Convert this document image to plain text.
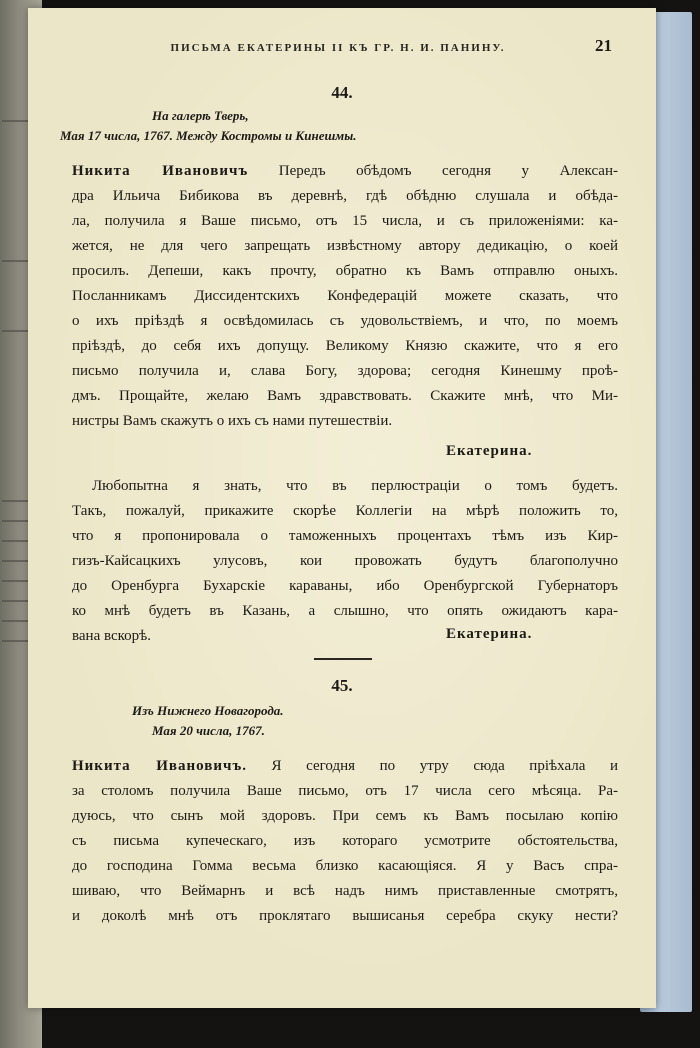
ПИСЬМА ЕКАТЕРИНЫ II КЪ ГР. Н. И. ПАНИНУ.	21
44.
На галерѣ Тверь,
Мая 17 числа, 1767. Между Костромы и Кинешмы.
Никита Ивановичъ Передъ обѣдомъ сегодня у Алексан-
дра Ильича Бибикова въ деревнѣ, гдѣ обѣдню слушала и обѣда-
ла, получила я Ваше письмо, отъ 15 числа, и съ приложеніями: ка-
жется, не для чего запрещать извѣстному автору дедикацію, о коей
просилъ. Депеши, какъ прочту, обратно къ Вамъ отправлю оныхъ.
Посланникамъ Диссидентскихъ Конфедерацій можете сказать, что
о ихъ пріѣздѣ я освѣдомилась съ удовольствіемъ, и что, по моемъ
пріѣздѣ, до себя ихъ допущу. Великому Князю скажите, что я его
письмо получила и, слава Богу, здорова; сегодня Кинешму проѣ-
дмъ. Прощайте, желаю Вамъ здравствовать. Скажите мнѣ, что Ми-
нистры Вамъ скажутъ о ихъ съ нами путешествіи.
Екатерина.
Любопытна я знать, что въ перлюстраціи о томъ будетъ.
Такъ, пожалуй, прикажите скорѣе Коллегіи на мѣрѣ положить то,
что я пропонировала о таможенныхъ процентахъ тѣмъ изъ Кир-
гизъ-Кайсацкихъ улусовъ, кои провожать будутъ благополучно
до Оренбурга Бухарскіе караваны, ибо Оренбургской Губернаторъ
ко мнѣ будетъ въ Казань, а слышно, что опять ожидаютъ кара-
вана вскорѣ.	Екатерина.
45.
Изъ Нижнего Новагорода.
Мая 20 числа, 1767.
Никита Ивановичъ. Я сегодня по утру сюда пріѣхала и
за столомъ получила Ваше письмо, отъ 17 числа сего мѣсяца. Ра-
дуюсь, что сынъ мой здоровъ. При семъ къ Вамъ посылаю копію
съ письма купеческаго, изъ котораго усмотрите обстоятельства,
до господина Гомма весьма близко касающіяся. Я у Васъ спра-
шиваю, что Веймарнъ и всѣ надъ нимъ приставленные смотрятъ,
и доколѣ мнѣ отъ проклятаго вышисанья серебра скуку нести?
